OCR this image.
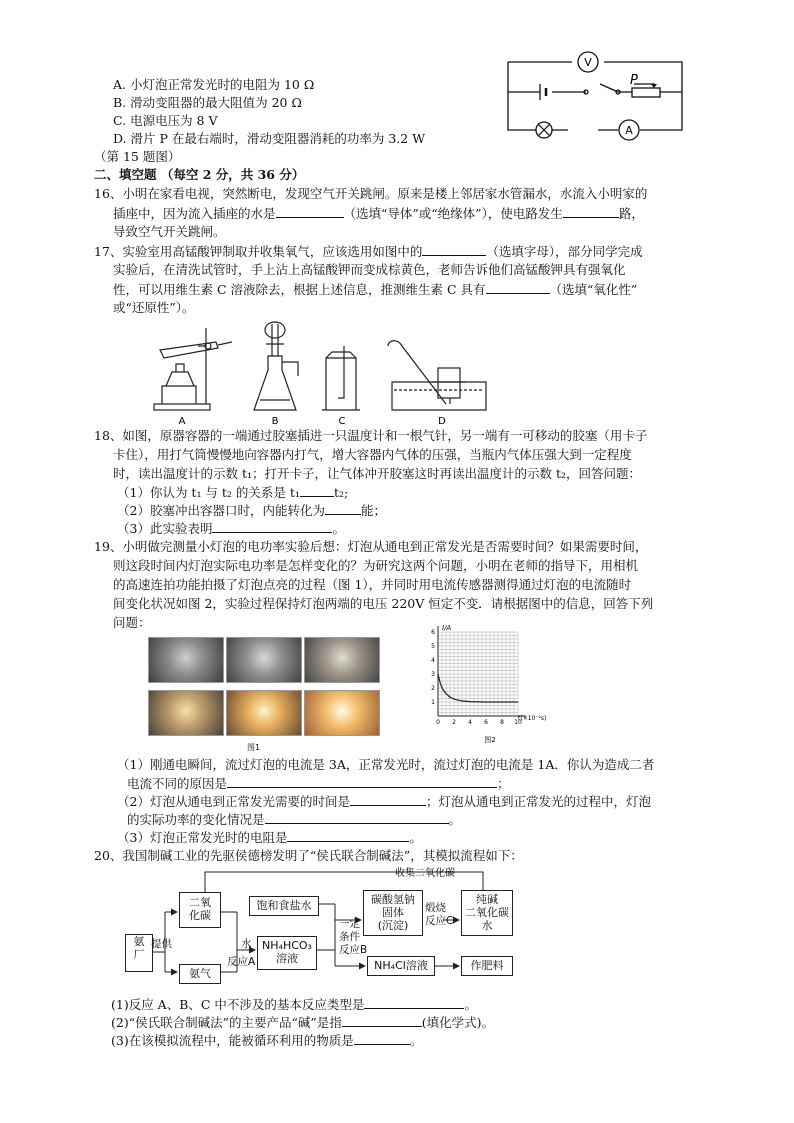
A. 小灯泡正常发光时的电阻为 10 Ω
B. 滑动变阻器的最大阻值为 20 Ω
C. 电源电压为 8 V
D. 滑片 P 在最右端时，滑动变阻器消耗的功率为 3.2 W
（第 15 题图）
V
A
P
二、填空题 （每空 2 分，共 36 分）
16、小明在家看电视，突然断电，发现空气开关跳闸。原来是楼上邻居家水管漏水，水流入小明家的
插座中，因为流入插座的水是	（选填“导体”或“绝缘体”），使电路发生	路，
导致空气开关跳闸。
17、实验室用高锰酸钾制取并收集氧气，应该选用如图中的	（选填字母），部分同学完成
实验后，在清洗试管时，手上沾上高锰酸钾而变成棕黄色，老师告诉他们高锰酸钾具有强氧化
性，可以用维生素 C 溶液除去，根据上述信息，推测维生素 C 具有	（选填“氧化性”
或“还原性”）。
A	B	C	D
18、如图，原器容器的一端通过胶塞插进一只温度计和一根气针，另一端有一可移动的胶塞（用卡子
卡住），用打气筒慢慢地向容器内打气，增大容器内气体的压强，当瓶内气体压强大到一定程度
时，读出温度计的示数 t₁；打开卡子，让气体冲开胶塞这时再读出温度计的示数 t₂，回答问题：
（1）你认为 t₁ 与 t₂ 的关系是 t₁	t₂;
（2）胶塞冲出容器口时，内能转化为	能；
（3）此实验表明	。
19、小明做完测量小灯泡的电功率实验后想：灯泡从通电到正常发光是否需要时间？如果需要时间，
则这段时间内灯泡实际电功率是怎样变化的？为研究这两个问题，小明在老师的指导下，用相机
的高速连拍功能拍摄了灯泡点亮的过程（图 1），并同时用电流传感器测得通过灯泡的电流随时
间变化状况如图 2，实验过程保持灯泡两端的电压 220V 恒定不变．请根据图中的信息，回答下列
问题：
图1
0 2 4 6 8 10
1
2
3
4
5
6
I/A
t(×10⁻²s)
图2
（1）刚通电瞬间，流过灯泡的电流是 3A，正常发光时，流过灯泡的电流是 1A．你认为造成二者
电流不同的原因是	；
（2）灯泡从通电到正常发光需要的时间是	；灯泡从通电到正常发光的过程中，灯泡
的实际功率的变化情况是	。
（3）灯泡正常发光时的电阻是	。
20、我国制碱工业的先驱侯德榜发明了“侯氏联合制碱法”，其模拟流程如下：
收集二氧化碳
氨
厂
提供
二氧
化碳
氨气
水
反应A
NH₄HCO₃
溶液
饱和食盐水
一定
条件
反应B
碳酸氢钠
固体
(沉淀)
煅烧
反应C
纯碱
二氧化碳
水
NH₄Cl溶液	作肥料
(1)反应 A、B、C 中不涉及的基本反应类型是	。
(2)“侯氏联合制碱法”的主要产品“碱”是指	(填化学式)。
(3)在该模拟流程中，能被循环利用的物质是	。
